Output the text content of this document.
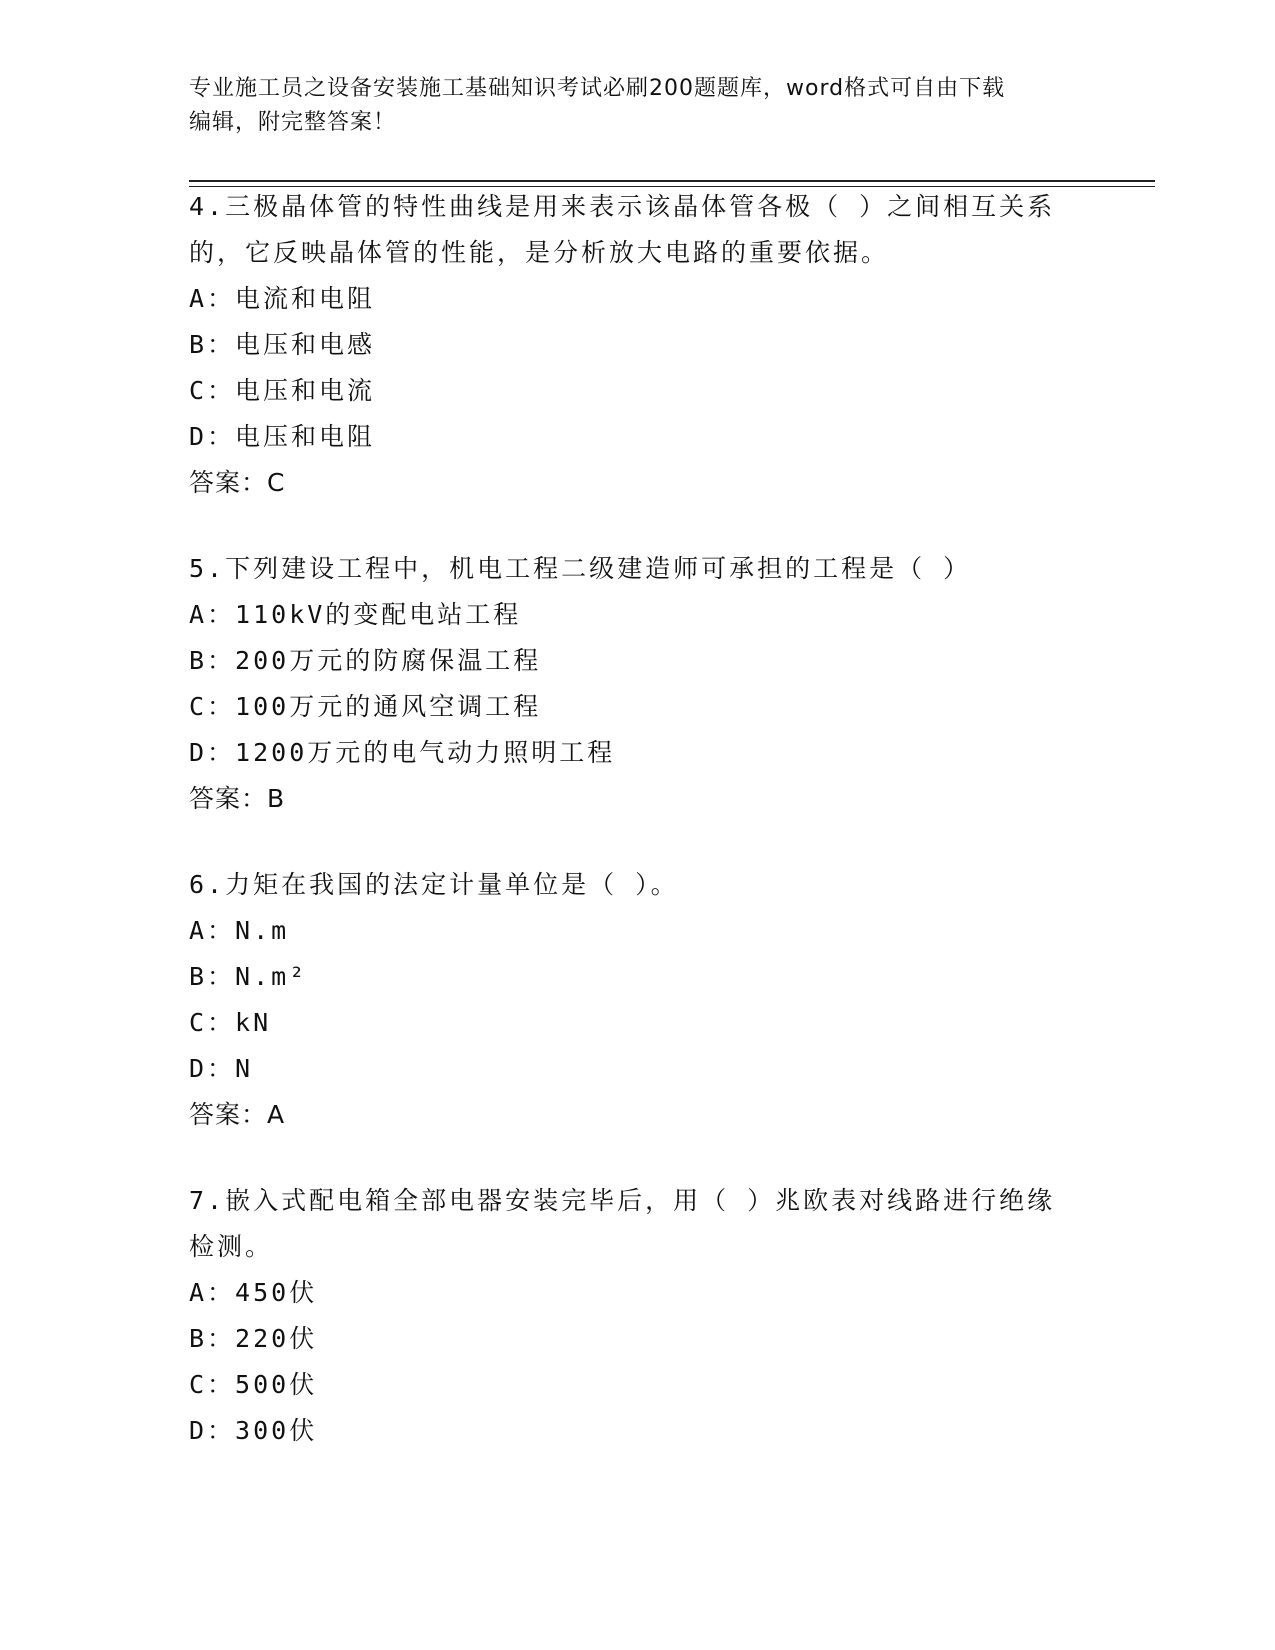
专业施工员之设备安装施工基础知识考试必刷200题题库，word格式可自由下载
编辑，附完整答案！
4.三极晶体管的特性曲线是用来表示该晶体管各极（ ）之间相互关系
的，它反映晶体管的性能，是分析放大电路的重要依据。
A：电流和电阻
B：电压和电感
C：电压和电流
D：电压和电阻
答案：C
5.下列建设工程中，机电工程二级建造师可承担的工程是（ ）
A：110kV的变配电站工程
B：200万元的防腐保温工程
C：100万元的通风空调工程
D：1200万元的电气动力照明工程
答案：B
6.力矩在我国的法定计量单位是（ ）。
A：N.m
B：N.m²
C：kN
D：N
答案：A
7.嵌入式配电箱全部电器安装完毕后，用（ ）兆欧表对线路进行绝缘
检测。
A：450伏
B：220伏
C：500伏
D：300伏
